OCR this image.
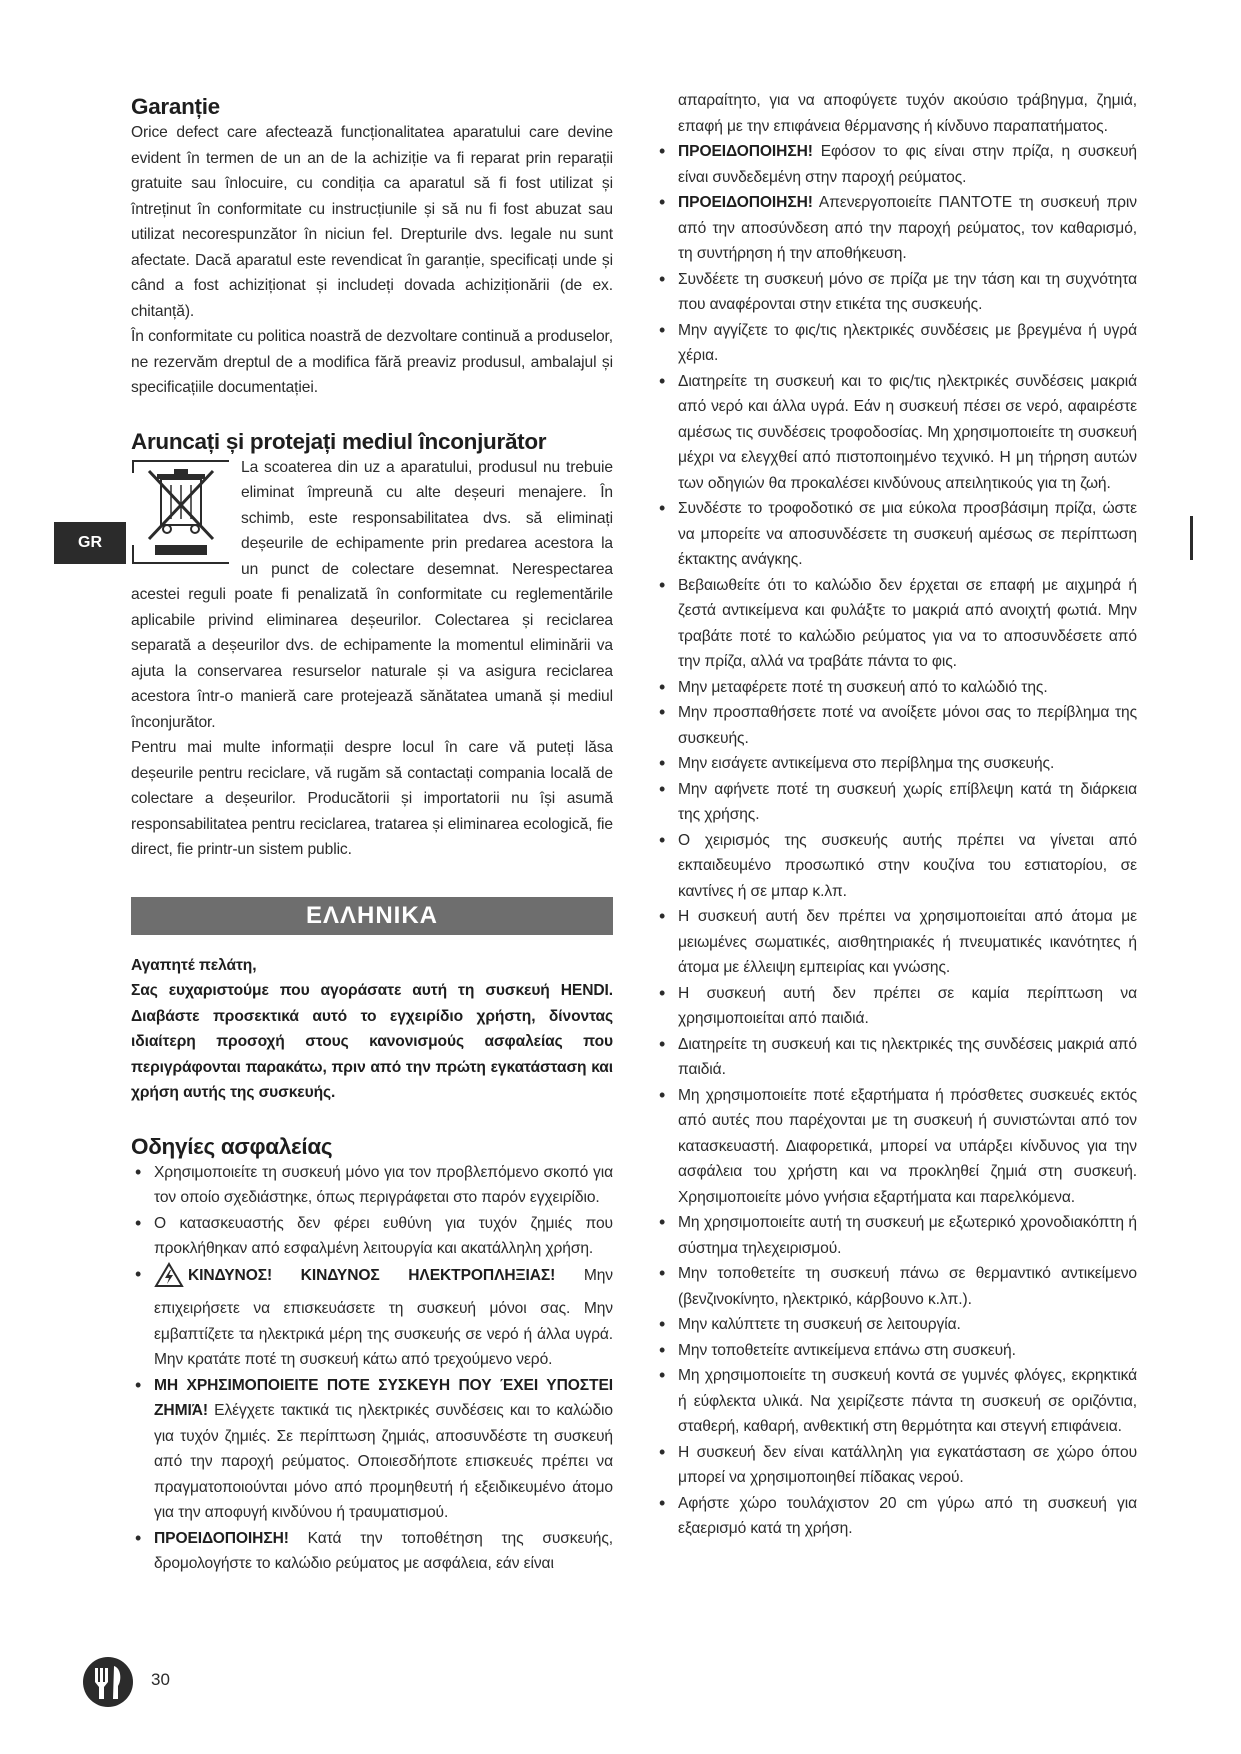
GR
Garanție

Orice defect care afectează funcționalitatea aparatului care devine evident în termen de un an de la achiziție va fi reparat prin reparații gratuite sau înlocuire, cu condiția ca aparatul să fi fost utilizat și întreținut în conformitate cu instrucțiunile și să nu fi fost abuzat sau utilizat necorespunzător în niciun fel. Drepturile dvs. legale nu sunt afectate. Dacă aparatul este revendicat în garanție, specificați unde și când a fost achiziționat și includeți dovada achiziționării (de ex. chitanță).

În conformitate cu politica noastră de dezvoltare continuă a produselor, ne rezervăm dreptul de a modifica fără preaviz produsul, ambalajul și specificațiile documentației.

Aruncați și protejați mediul înconjurător

La scoaterea din uz a aparatului, produsul nu trebuie eliminat împreună cu alte deșeuri menajere. În schimb, este responsabilitatea dvs. să eliminați deșeurile de echipamente prin predarea acestora la un punct de colectare desemnat. Nerespectarea acestei reguli poate fi penalizată în conformitate cu reglementările aplicabile privind eliminarea deșeurilor. Colectarea și reciclarea separată a deșeurilor dvs. de echipamente la momentul eliminării va ajuta la conservarea resurselor naturale și va asigura reciclarea acestora într-o manieră care protejează sănătatea umană și mediul înconjurător.

Pentru mai multe informații despre locul în care vă puteți lăsa deșeurile pentru reciclare, vă rugăm să contactați compania locală de colectare a deșeurilor. Producătorii și importatorii nu își asumă responsabilitatea pentru reciclarea, tratarea și eliminarea ecologică, fie direct, fie printr-un sistem public.

ΕΛΛΗΝΙΚΑ

Αγαπητέ πελάτη,

Σας ευχαριστούμε που αγοράσατε αυτή τη συσκευή HENDI. Διαβάστε προσεκτικά αυτό το εγχειρίδιο χρήστη, δίνοντας ιδιαίτερη προσοχή στους κανονισμούς ασφαλείας που περιγράφονται παρακάτω, πριν από την πρώτη εγκατάσταση και χρήση αυτής της συσκευής.

Οδηγίες ασφαλείας
• Χρησιμοποιείτε τη συσκευή μόνο για τον προβλεπόμενο σκοπό για τον οποίο σχεδιάστηκε, όπως περιγράφεται στο παρόν εγχειρίδιο.
• Ο κατασκευαστής δεν φέρει ευθύνη για τυχόν ζημιές που προκλήθηκαν από εσφαλμένη λειτουργία και ακατάλληλη χρήση.
• ΚΙΝΔΥΝΟΣ! ΚΙΝΔΥΝΟΣ ΗΛΕΚΤΡΟΠΛΗΞΙΑΣ! Μην επιχειρήσετε να επισκευάσετε τη συσκευή μόνοι σας. Μην εμβαπτίζετε τα ηλεκτρικά μέρη της συσκευής σε νερό ή άλλα υγρά. Μην κρατάτε ποτέ τη συσκευή κάτω από τρεχούμενο νερό.
• ΜΗ ΧΡΗΣΙΜΟΠΟΙΕΙΤΕ ΠΟΤΕ ΣΥΣΚΕΥΗ ΠΟΥ ΈΧΕΙ ΥΠΟΣΤΕΙ ΖΗΜΙΆ! Ελέγχετε τακτικά τις ηλεκτρικές συνδέσεις και το καλώδιο για τυχόν ζημιές. Σε περίπτωση ζημιάς, αποσυνδέστε τη συσκευή από την παροχή ρεύματος. Οποιεσδήποτε επισκευές πρέπει να πραγματοποιούνται μόνο από προμηθευτή ή εξειδικευμένο άτομο για την αποφυγή κινδύνου ή τραυματισμού.
• ΠΡΟΕΙΔΟΠΟΙΗΣΗ! Κατά την τοποθέτηση της συσκευής, δρομολογήστε το καλώδιο ρεύματος με ασφάλεια, εάν είναι

απαραίτητο, για να αποφύγετε τυχόν ακούσιο τράβηγμα, ζημιά, επαφή με την επιφάνεια θέρμανσης ή κίνδυνο παραπατήματος.

• ΠΡΟΕΙΔΟΠΟΙΗΣΗ! Εφόσον το φις είναι στην πρίζα, η συσκευή είναι συνδεδεμένη στην παροχή ρεύματος.
• ΠΡΟΕΙΔΟΠΟΙΗΣΗ! Απενεργοποιείτε ΠΑΝΤΟΤΕ τη συσκευή πριν από την αποσύνδεση από την παροχή ρεύματος, τον καθαρισμό, τη συντήρηση ή την αποθήκευση.
• Συνδέετε τη συσκευή μόνο σε πρίζα με την τάση και τη συχνότητα που αναφέρονται στην ετικέτα της συσκευής.
• Μην αγγίζετε το φις/τις ηλεκτρικές συνδέσεις με βρεγμένα ή υγρά χέρια.
• Διατηρείτε τη συσκευή και το φις/τις ηλεκτρικές συνδέσεις μακριά από νερό και άλλα υγρά. Εάν η συσκευή πέσει σε νερό, αφαιρέστε αμέσως τις συνδέσεις τροφοδοσίας. Μη χρησιμοποιείτε τη συσκευή μέχρι να ελεγχθεί από πιστοποιημένο τεχνικό. Η μη τήρηση αυτών των οδηγιών θα προκαλέσει κινδύνους απειλητικούς για τη ζωή.
• Συνδέστε το τροφοδοτικό σε μια εύκολα προσβάσιμη πρίζα, ώστε να μπορείτε να αποσυνδέσετε τη συσκευή αμέσως σε περίπτωση έκτακτης ανάγκης.
• Βεβαιωθείτε ότι το καλώδιο δεν έρχεται σε επαφή με αιχμηρά ή ζεστά αντικείμενα και φυλάξτε το μακριά από ανοιχτή φωτιά. Μην τραβάτε ποτέ το καλώδιο ρεύματος για να το αποσυνδέσετε από την πρίζα, αλλά να τραβάτε πάντα το φις.
• Μην μεταφέρετε ποτέ τη συσκευή από το καλώδιό της.
• Μην προσπαθήσετε ποτέ να ανοίξετε μόνοι σας το περίβλημα της συσκευής.
• Μην εισάγετε αντικείμενα στο περίβλημα της συσκευής.
• Μην αφήνετε ποτέ τη συσκευή χωρίς επίβλεψη κατά τη διάρκεια της χρήσης.
• Ο χειρισμός της συσκευής αυτής πρέπει να γίνεται από εκπαιδευμένο προσωπικό στην κουζίνα του εστιατορίου, σε καντίνες ή σε μπαρ κ.λπ.
• Η συσκευή αυτή δεν πρέπει να χρησιμοποιείται από άτομα με μειωμένες σωματικές, αισθητηριακές ή πνευματικές ικανότητες ή άτομα με έλλειψη εμπειρίας και γνώσης.
• Η συσκευή αυτή δεν πρέπει σε καμία περίπτωση να χρησιμοποιείται από παιδιά.
• Διατηρείτε τη συσκευή και τις ηλεκτρικές της συνδέσεις μακριά από παιδιά.
• Μη χρησιμοποιείτε ποτέ εξαρτήματα ή πρόσθετες συσκευές εκτός από αυτές που παρέχονται με τη συσκευή ή συνιστώνται από τον κατασκευαστή. Διαφορετικά, μπορεί να υπάρξει κίνδυνος για την ασφάλεια του χρήστη και να προκληθεί ζημιά στη συσκευή. Χρησιμοποιείτε μόνο γνήσια εξαρτήματα και παρελκόμενα.
• Μη χρησιμοποιείτε αυτή τη συσκευή με εξωτερικό χρονοδιακόπτη ή σύστημα τηλεχειρισμού.
• Μην τοποθετείτε τη συσκευή πάνω σε θερμαντικό αντικείμενο (βενζινοκίνητο, ηλεκτρικό, κάρβουνο κ.λπ.).
• Μην καλύπτετε τη συσκευή σε λειτουργία.
• Μην τοποθετείτε αντικείμενα επάνω στη συσκευή.
• Μη χρησιμοποιείτε τη συσκευή κοντά σε γυμνές φλόγες, εκρηκτικά ή εύφλεκτα υλικά. Να χειρίζεστε πάντα τη συσκευή σε οριζόντια, σταθερή, καθαρή, ανθεκτική στη θερμότητα και στεγνή επιφάνεια.
• Η συσκευή δεν είναι κατάλληλη για εγκατάσταση σε χώρο όπου μπορεί να χρησιμοποιηθεί πίδακας νερού.
• Αφήστε χώρο τουλάχιστον 20 cm γύρω από τη συσκευή για εξαερισμό κατά τη χρήση.
30
